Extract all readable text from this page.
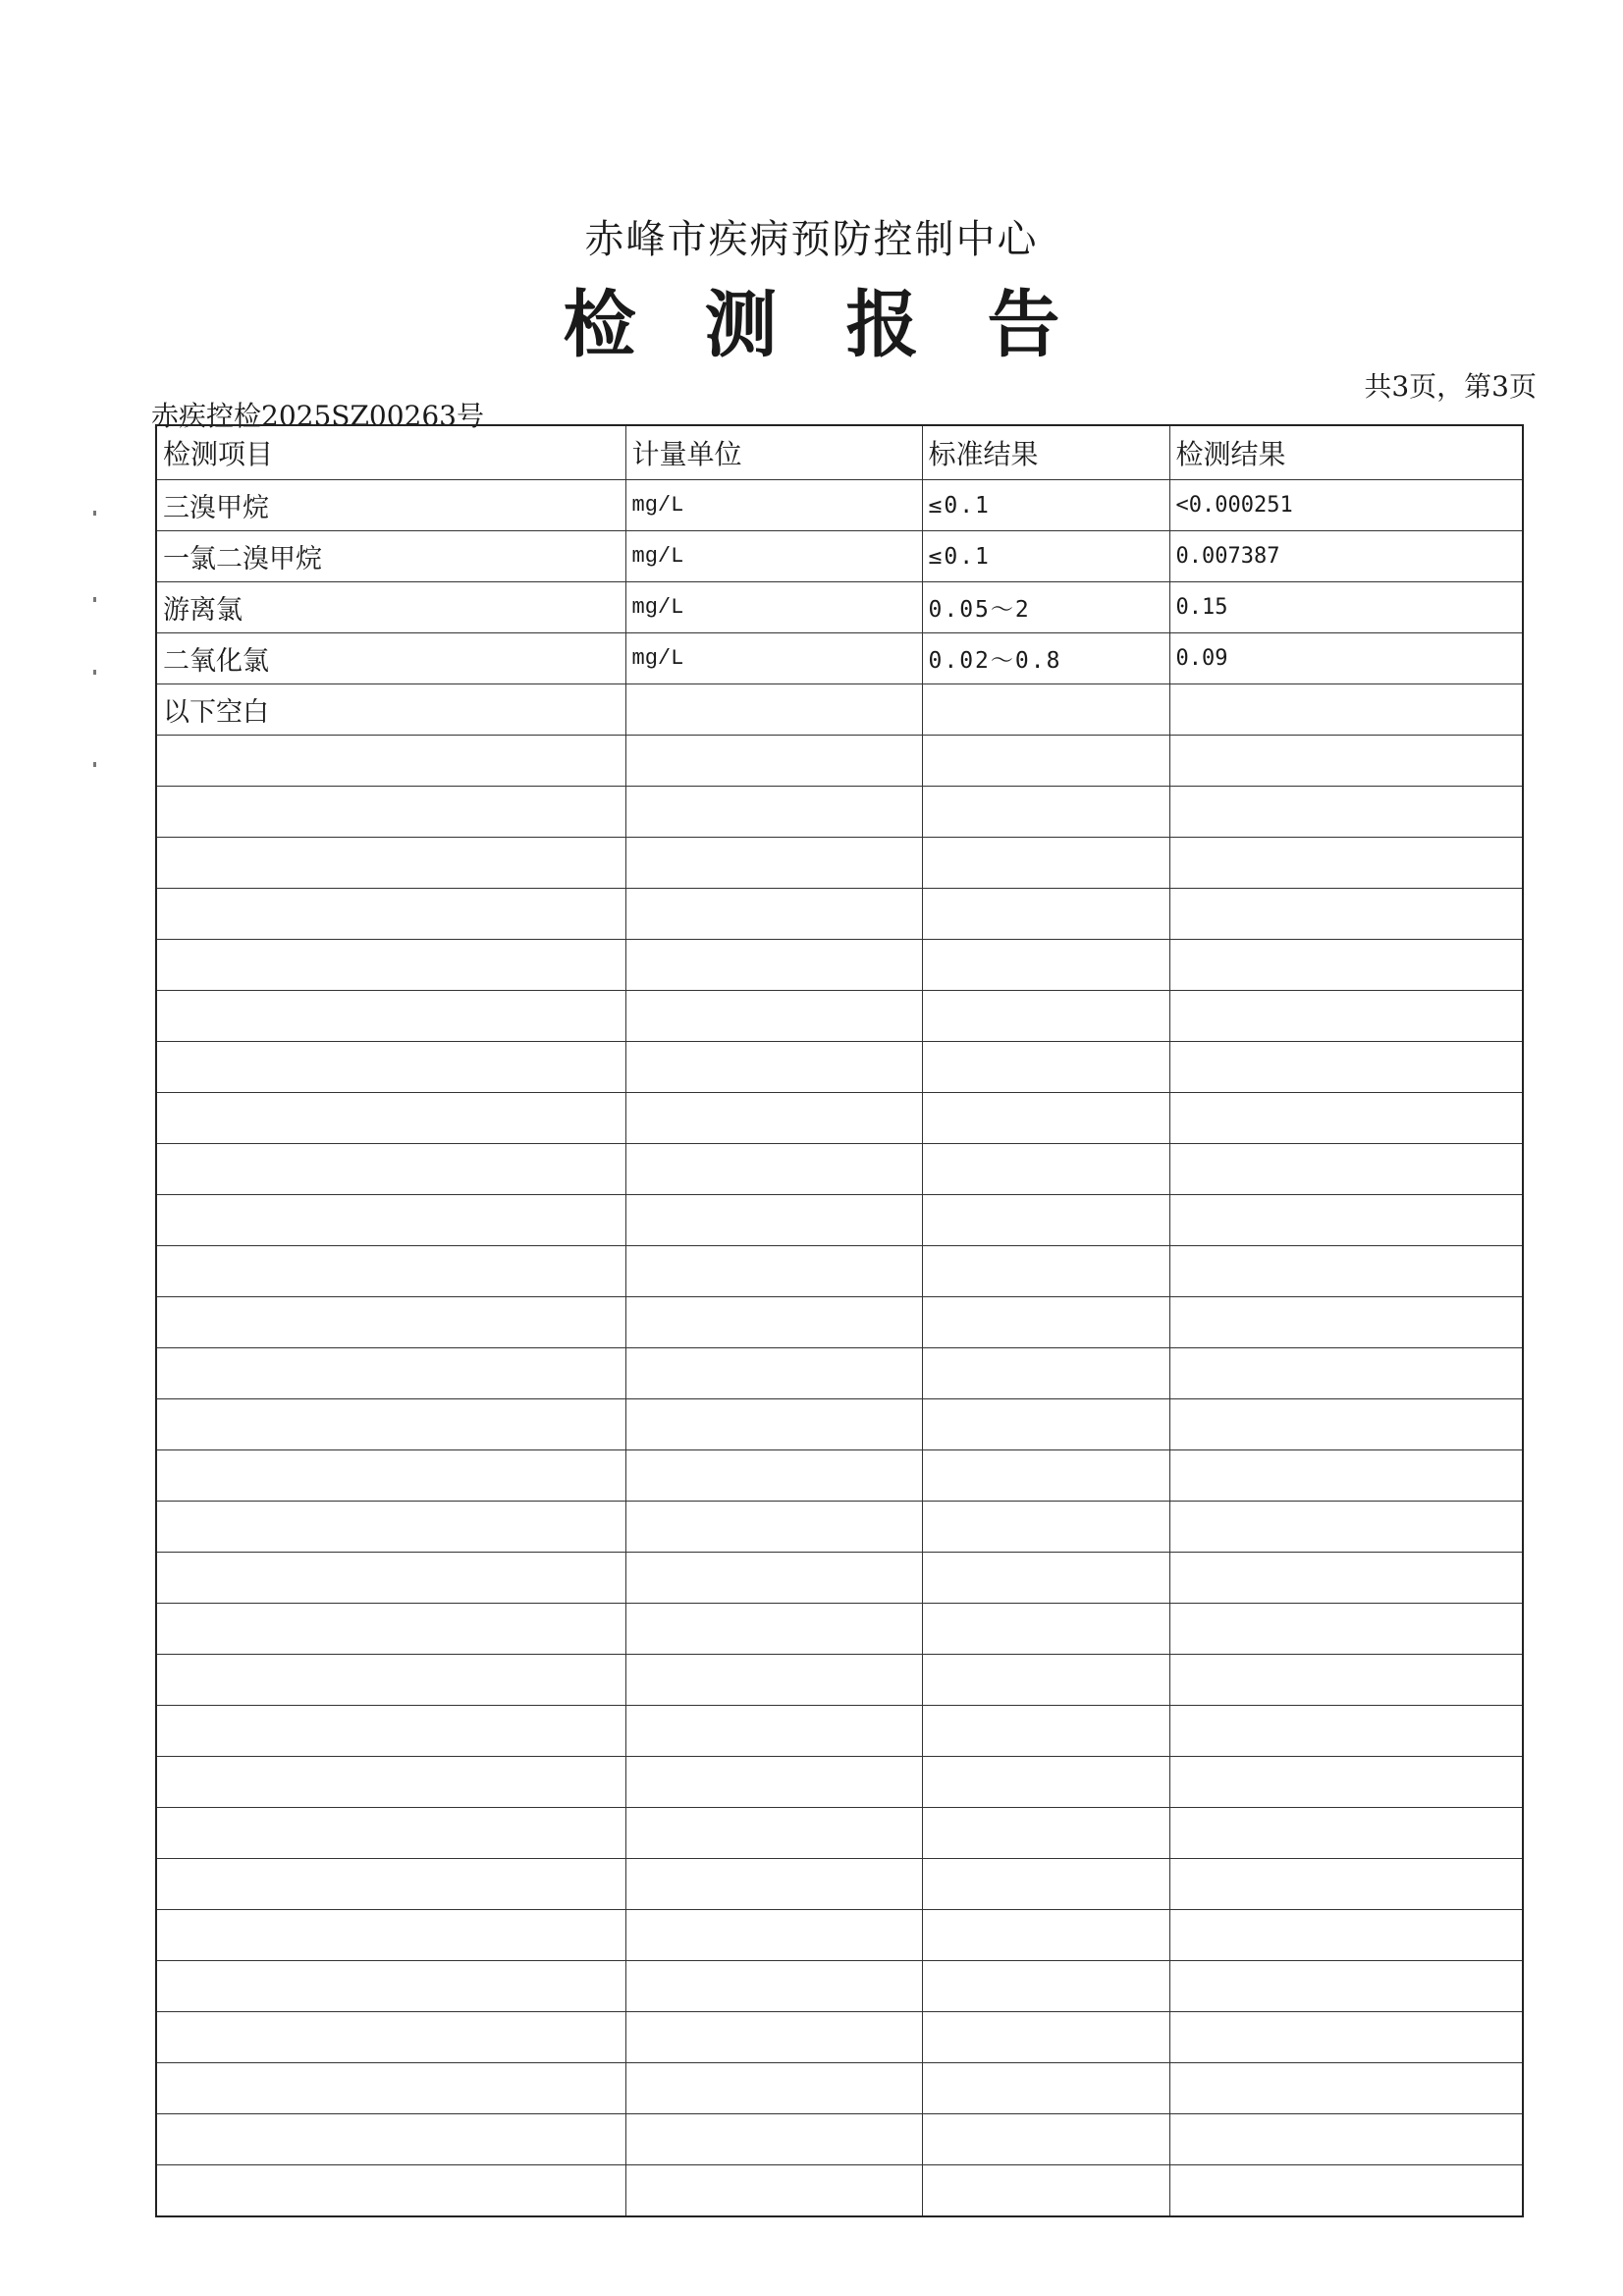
赤峰市疾病预防控制中心
检测报告
共3页，第3页
赤疾控检2025SZ00263号
检测项目	计量单位	标准结果	检测结果
三溴甲烷	mg/L	≤0.1	<0.000251
一氯二溴甲烷	mg/L	≤0.1	0.007387
游离氯	mg/L	0.05～2	0.15
二氧化氯	mg/L	0.02～0.8	0.09
以下空白			
